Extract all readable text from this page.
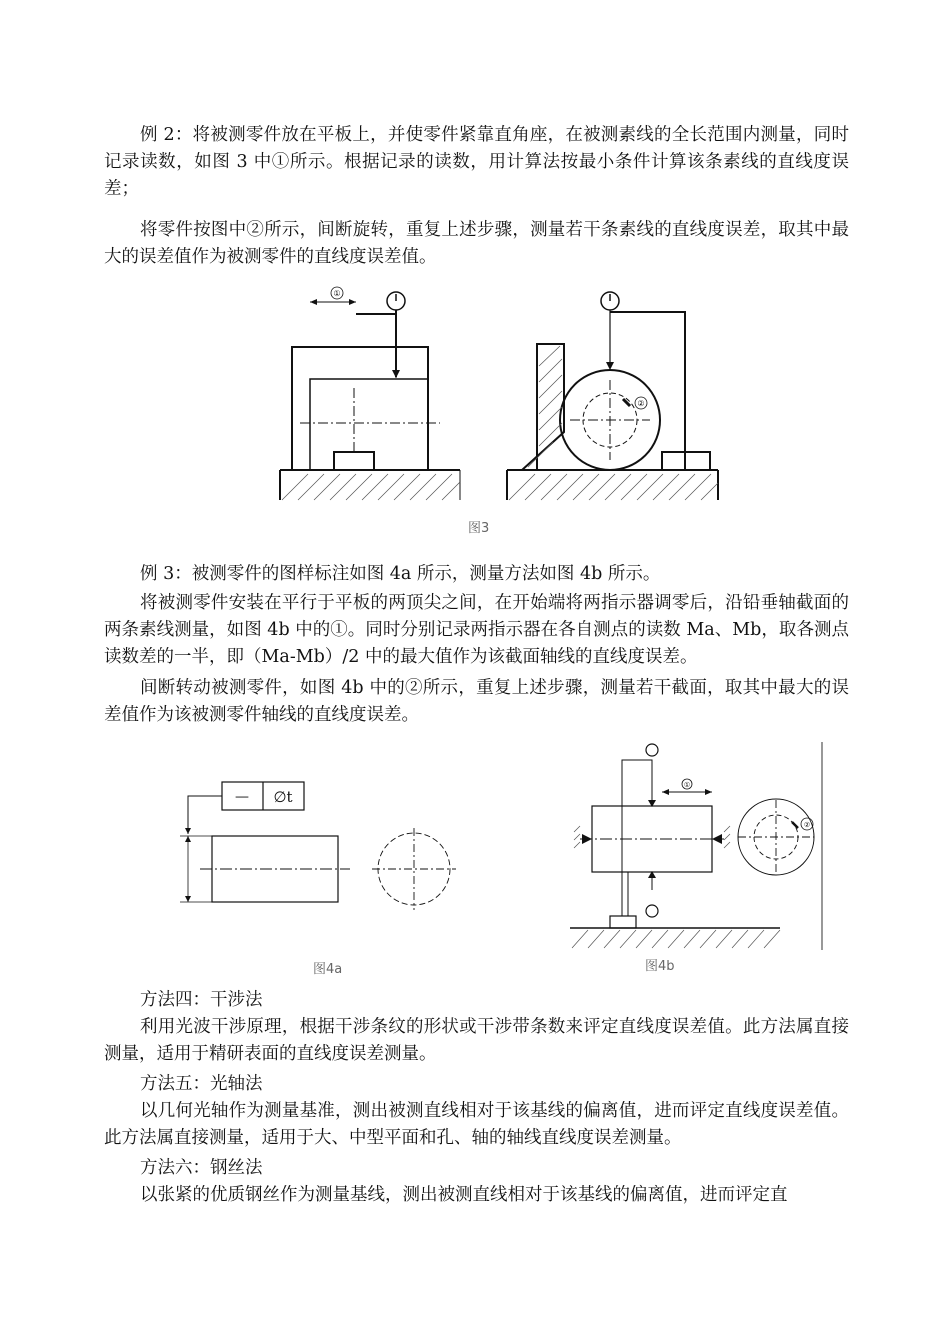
例 2：将被测零件放在平板上，并使零件紧靠直角座，在被测素线的全长范围内测量，同时记录读数，如图 3 中①所示。根据记录的读数，用计算法按最小条件计算该条素线的直线度误差；

将零件按图中②所示，间断旋转，重复上述步骤，测量若干条素线的直线度误差，取其中最大的误差值作为被测零件的直线度误差值。

①
②
图3

例 3：被测零件的图样标注如图 4a 所示，测量方法如图 4b 所示。

将被测零件安装在平行于平板的两顶尖之间，在开始端将两指示器调零后，沿铅垂轴截面的两条素线测量，如图 4b 中的①。同时分别记录两指示器在各自测点的读数 Ma、Mb，取各测点读数差的一半，即（Ma-Mb）/2 中的最大值作为该截面轴线的直线度误差。

间断转动被测零件，如图 4b 中的②所示，重复上述步骤，测量若干截面，取其中最大的误差值作为该被测零件轴线的直线度误差。

— ∅t
图4a
①
②
图4b

方法四：干涉法

利用光波干涉原理，根据干涉条纹的形状或干涉带条数来评定直线度误差值。此方法属直接测量，适用于精研表面的直线度误差测量。

方法五：光轴法

以几何光轴作为测量基准，测出被测直线相对于该基线的偏离值，进而评定直线度误差值。此方法属直接测量，适用于大、中型平面和孔、轴的轴线直线度误差测量。

方法六：钢丝法

以张紧的优质钢丝作为测量基线，测出被测直线相对于该基线的偏离值，进而评定直
